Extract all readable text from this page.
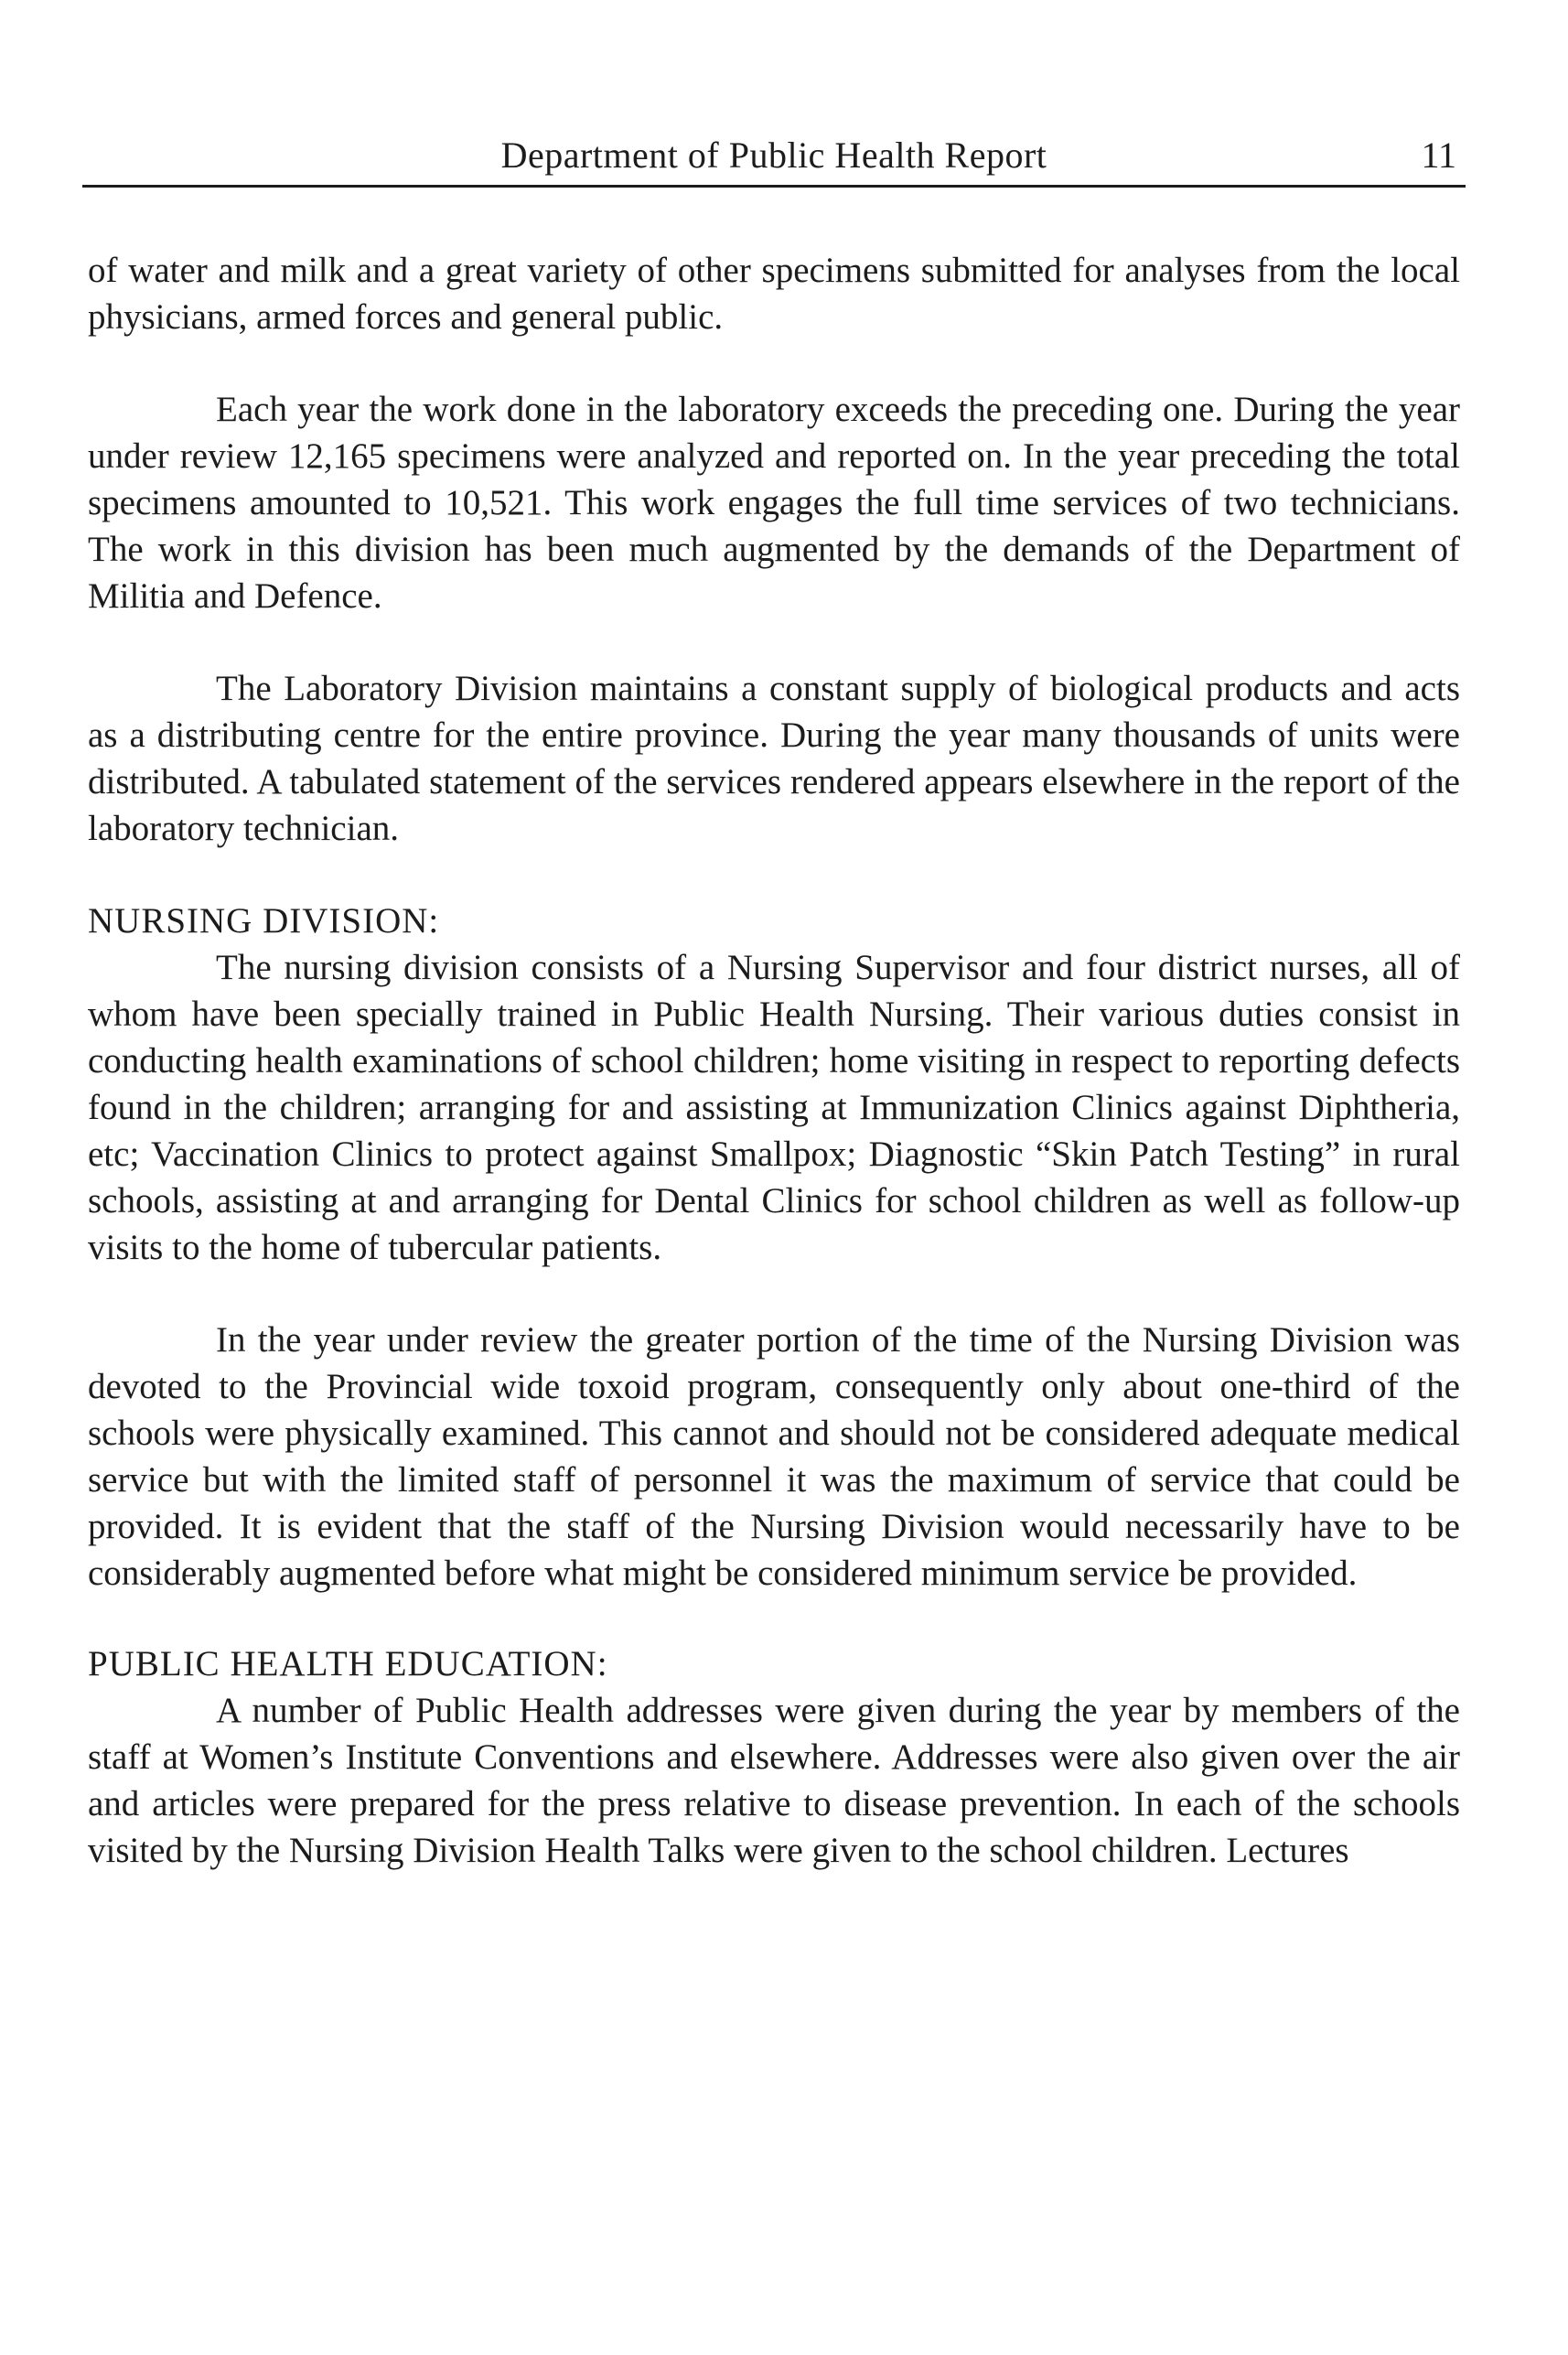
Department of Public Health Report	11

of water and milk and a great variety of other specimens submitted for analyses from the local physicians, armed forces and general public.

Each year the work done in the laboratory exceeds the preceding one. During the year under review 12,165 specimens were analyzed and reported on. In the year preceding the total specimens amounted to 10,521. This work engages the full time services of two technicians. The work in this division has been much augmented by the demands of the Department of Militia and Defence.

The Laboratory Division maintains a constant supply of biological products and acts as a distributing centre for the entire province. During the year many thousands of units were distributed. A tabulated statement of the services rendered appears elsewhere in the report of the laboratory technician.

NURSING DIVISION:

The nursing division consists of a Nursing Supervisor and four district nurses, all of whom have been specially trained in Public Health Nursing. Their various duties consist in conducting health examinations of school children; home visiting in respect to reporting defects found in the children; arranging for and assisting at Immunization Clinics against Diphtheria, etc; Vaccination Clinics to protect against Smallpox; Diagnostic “Skin Patch Testing” in rural schools, assisting at and arranging for Dental Clinics for school children as well as follow-up visits to the home of tubercular patients.

In the year under review the greater portion of the time of the Nursing Division was devoted to the Provincial wide toxoid program, consequently only about one-third of the schools were physically examined. This cannot and should not be considered adequate medical service but with the limited staff of personnel it was the maximum of service that could be provided. It is evident that the staff of the Nursing Division would necessarily have to be considerably augmented before what might be considered minimum service be provided.

PUBLIC HEALTH EDUCATION:

A number of Public Health addresses were given during the year by members of the staff at Women’s Institute Conventions and elsewhere. Addresses were also given over the air and articles were prepared for the press relative to disease prevention. In each of the schools visited by the Nursing Division Health Talks were given to the school children. Lectures
